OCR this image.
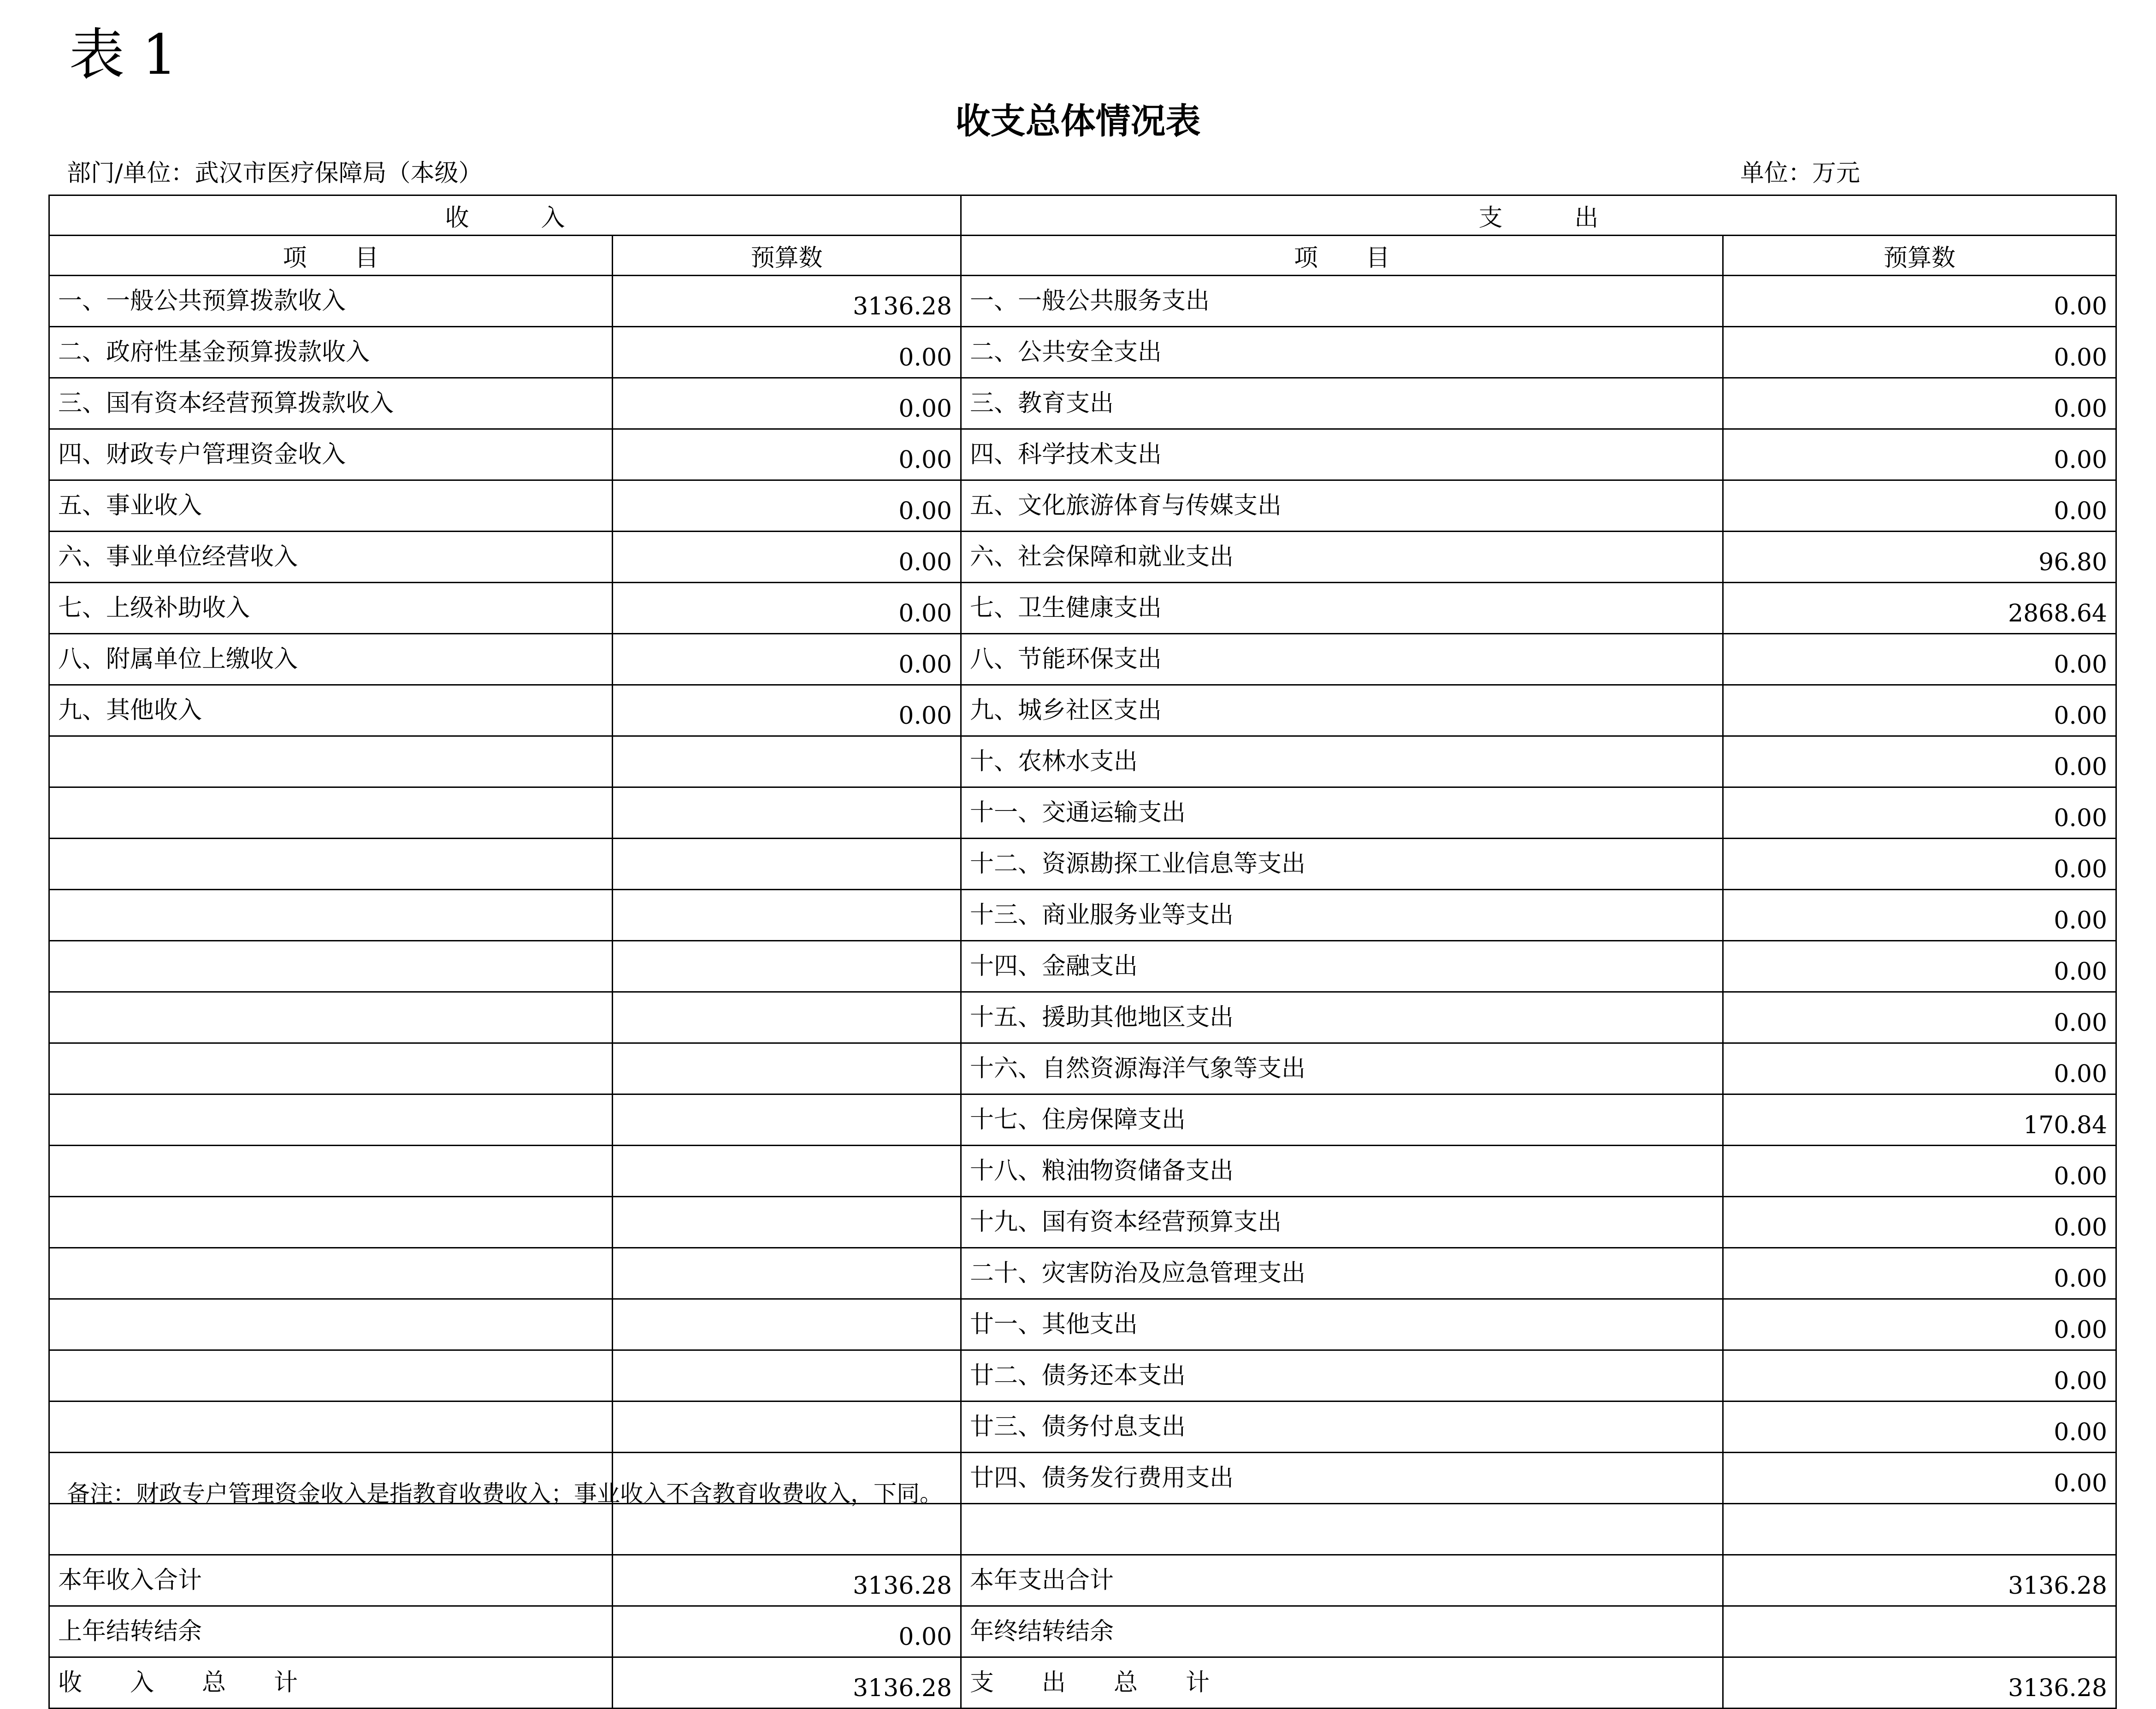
表 1
收支总体情况表
部门/单位：武汉市医疗保障局（本级）	单位：万元
收　　　入		支　　　出	
项　　目	预算数	项　　目	预算数
一、一般公共预算拨款收入	3136.28	一、一般公共服务支出	0.00
二、政府性基金预算拨款收入	0.00	二、公共安全支出	0.00
三、国有资本经营预算拨款收入	0.00	三、教育支出	0.00
四、财政专户管理资金收入	0.00	四、科学技术支出	0.00
五、事业收入	0.00	五、文化旅游体育与传媒支出	0.00
六、事业单位经营收入	0.00	六、社会保障和就业支出	96.80
七、上级补助收入	0.00	七、卫生健康支出	2868.64
八、附属单位上缴收入	0.00	八、节能环保支出	0.00
九、其他收入	0.00	九、城乡社区支出	0.00
		十、农林水支出	0.00
		十一、交通运输支出	0.00
		十二、资源勘探工业信息等支出	0.00
		十三、商业服务业等支出	0.00
		十四、金融支出	0.00
		十五、援助其他地区支出	0.00
		十六、自然资源海洋气象等支出	0.00
		十七、住房保障支出	170.84
		十八、粮油物资储备支出	0.00
		十九、国有资本经营预算支出	0.00
		二十、灾害防治及应急管理支出	0.00
		廿一、其他支出	0.00
		廿二、债务还本支出	0.00
		廿三、债务付息支出	0.00
		廿四、债务发行费用支出	0.00

本年收入合计	3136.28	本年支出合计	3136.28
上年结转结余	0.00	年终结转结余	
收　　入　　总　　计	3136.28	支　　出　　总　　计	3136.28
备注：财政专户管理资金收入是指教育收费收入；事业收入不含教育收费收入，下同。
